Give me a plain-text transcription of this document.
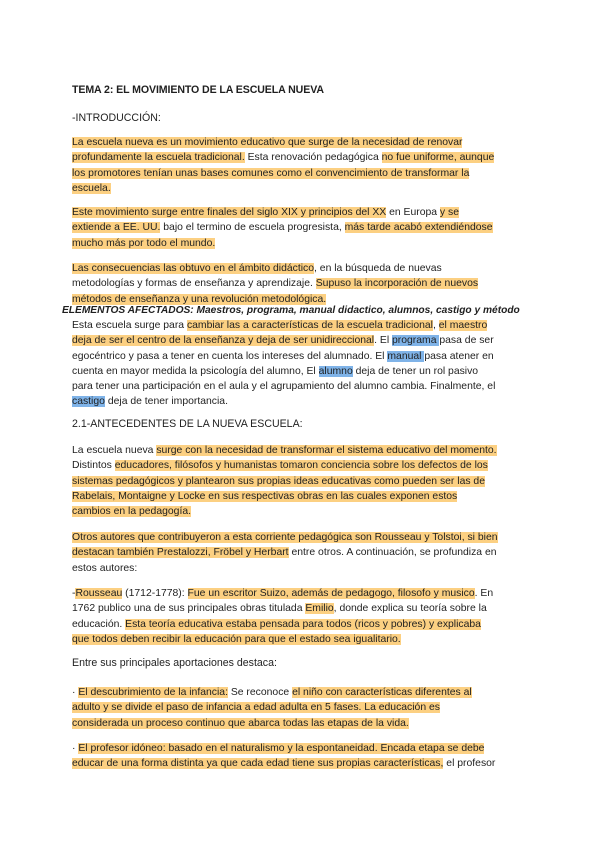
TEMA 2: EL MOVIMIENTO DE LA ESCUELA NUEVA
-INTRODUCCIÓN:
La escuela nueva es un movimiento educativo que surge de la necesidad de renovar
profundamente la escuela tradicional. Esta renovación pedagógica no fue uniforme, aunque
los promotores tenían unas bases comunes como el convencimiento de transformar la
escuela.
Este movimiento surge entre finales del siglo XIX y principios del XX en Europa y se
extiende a EE. UU. bajo el termino de escuela progresista, más tarde acabó extendiéndose
mucho más por todo el mundo.
Las consecuencias las obtuvo en el ámbito didáctico, en la búsqueda de nuevas
metodologías y formas de enseñanza y aprendizaje. Supuso la incorporación de nuevos
métodos de enseñanza y una revolución metodológica.
ELEMENTOS AFECTADOS: Maestros, programa, manual didactico, alumnos, castigo y método
Esta escuela surge para cambiar las a características de la escuela tradicional, el maestro
deja de ser el centro de la enseñanza y deja de ser unidireccional. El programa pasa de ser
egocéntrico y pasa a tener en cuenta los intereses del alumnado. El manual pasa atener en
cuenta en mayor medida la psicología del alumno, El alumno deja de tener un rol pasivo
para tener una participación en el aula y el agrupamiento del alumno cambia. Finalmente, el
castigo deja de tener importancia.
2.1-ANTECEDENTES DE LA NUEVA ESCUELA:
La escuela nueva surge con la necesidad de transformar el sistema educativo del momento.
Distintos educadores, filósofos y humanistas tomaron conciencia sobre los defectos de los
sistemas pedagógicos y plantearon sus propias ideas educativas como pueden ser las de
Rabelais, Montaigne y Locke en sus respectivas obras en las cuales exponen estos
cambios en la pedagogía.
Otros autores que contribuyeron a esta corriente pedagógica son Rousseau y Tolstoi, si bien
destacan también Prestalozzi, Fröbel y Herbart entre otros. A continuación, se profundiza en
estos autores:
-Rousseau (1712-1778): Fue un escritor Suizo, además de pedagogo, filosofo y musico. En
1762 publico una de sus principales obras titulada Emilio, donde explica su teoría sobre la
educación. Esta teoría educativa estaba pensada para todos (ricos y pobres) y explicaba
que todos deben recibir la educación para que el estado sea igualitario.
Entre sus principales aportaciones destaca:
· El descubrimiento de la infancia: Se reconoce el niño con características diferentes al
adulto y se divide el paso de infancia a edad adulta en 5 fases. La educación es
considerada un proceso continuo que abarca todas las etapas de la vida.
· El profesor idóneo: basado en el naturalismo y la espontaneidad. Encada etapa se debe
educar de una forma distinta ya que cada edad tiene sus propias características, el profesor
